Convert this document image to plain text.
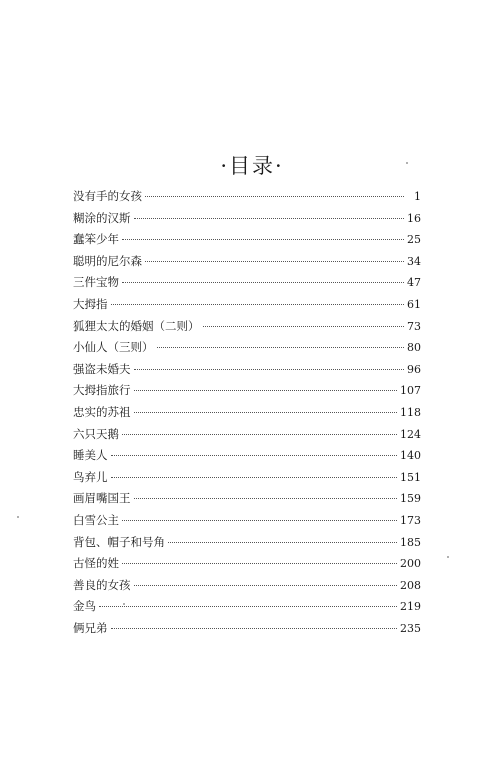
·目录·
没有手的女孩	1
糊涂的汉斯	16
蠢笨少年	25
聪明的尼尔森	34
三件宝物	47
大拇指	61
狐狸太太的婚姻（二则）	73
小仙人（三则）	80
强盗未婚夫	96
大拇指旅行	107
忠实的苏祖	118
六只天鹅	124
睡美人	140
鸟弃儿	151
画眉嘴国王	159
白雪公主	173
背包、帽子和号角	185
古怪的姓	200
善良的女孩	208
金鸟	219
俩兄弟	235
